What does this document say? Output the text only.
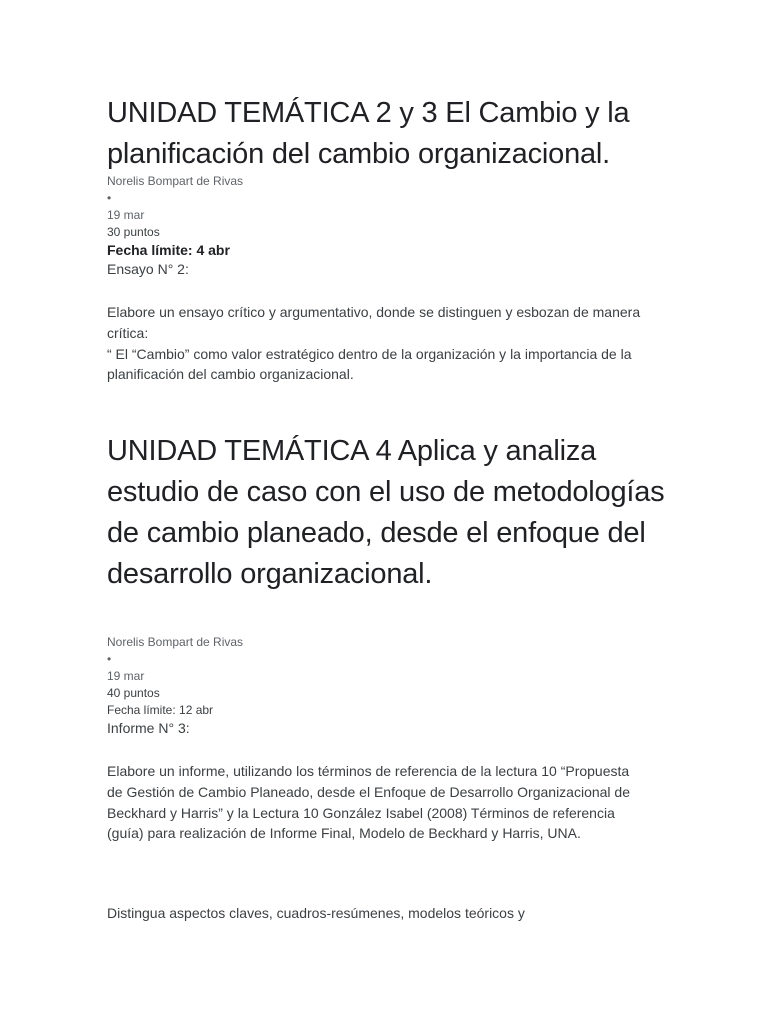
UNIDAD TEMÁTICA 2 y 3 El Cambio y la planificación del cambio organizacional.
Norelis Bompart de Rivas
•
19 mar
30 puntos
Fecha límite: 4 abr
Ensayo N° 2:

Elabore un ensayo crítico y argumentativo, donde se distinguen y esbozan de manera crítica:

“ El “Cambio” como valor estratégico dentro de la organización y la importancia de la planificación del cambio organizacional.

UNIDAD TEMÁTICA 4 Aplica y analiza estudio de caso con el uso de metodologías de cambio planeado, desde el enfoque del desarrollo organizacional.
Norelis Bompart de Rivas
•
19 mar
40 puntos
Fecha límite: 12 abr
Informe N° 3:

Elabore un informe, utilizando los términos de referencia de la lectura 10 “Propuesta de Gestión de Cambio Planeado, desde el Enfoque de Desarrollo Organizacional de Beckhard y Harris” y la Lectura 10 González Isabel (2008) Términos de referencia (guía) para realización de Informe Final, Modelo de Beckhard y Harris, UNA.

Distingua aspectos claves, cuadros-resúmenes, modelos teóricos y
